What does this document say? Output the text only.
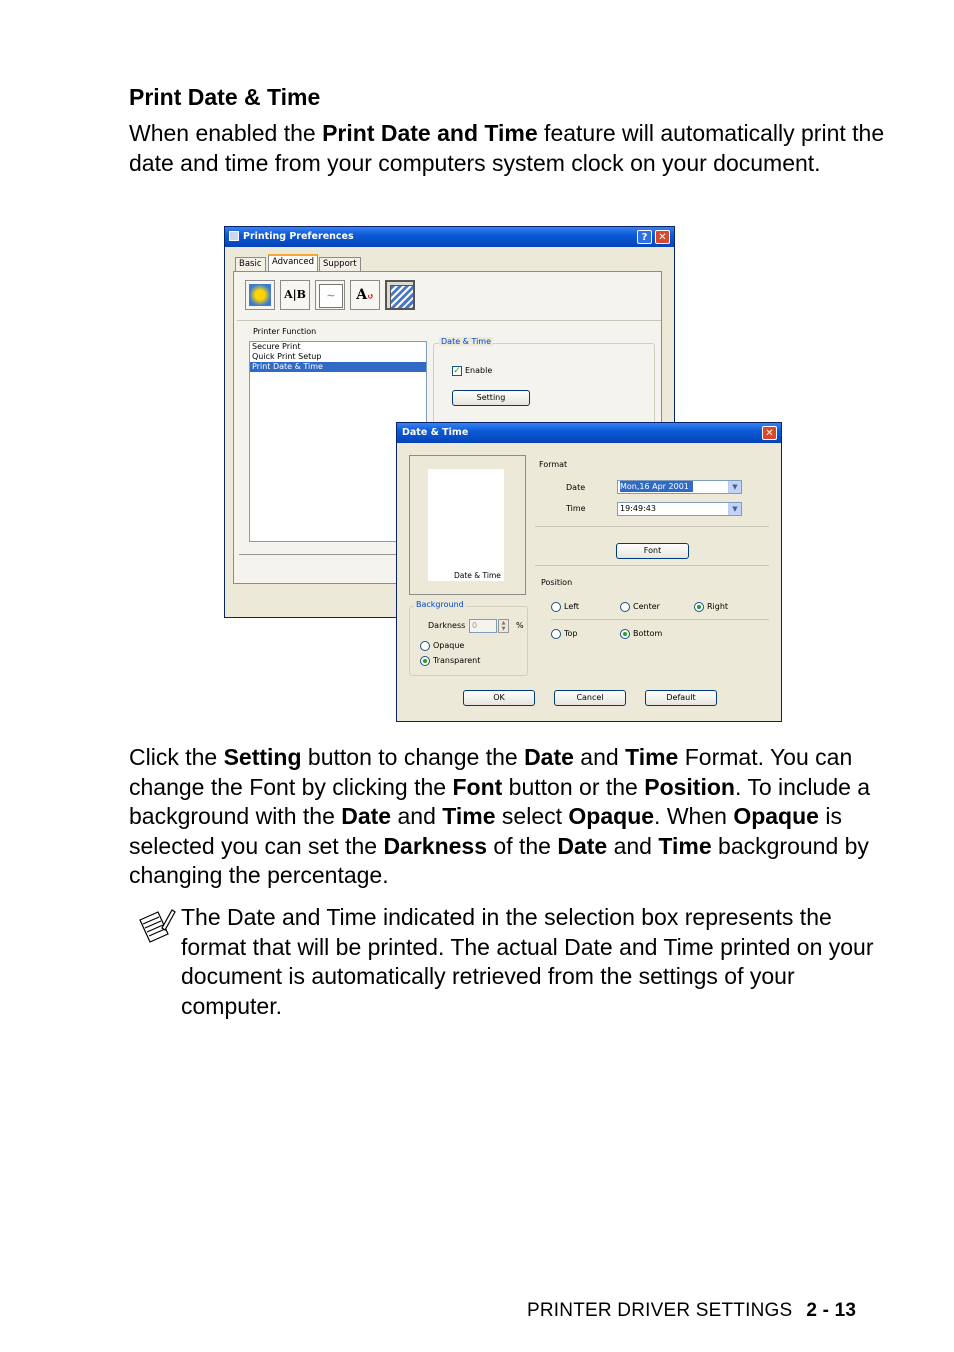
Print Date & Time
When enabled the Print Date and Time feature will automatically print the date and time from your computers system clock on your document.
Printing Preferences	?	✕
Basic	Advanced	Support
A|B	~	A↺
Printer Function
Secure Print
Quick Print Setup
Print Date & Time
Date & Time
✓ Enable
Setting
Date & Time	✕
Date & Time
Format
Date	Mon,16 Apr 2001	▼
Time	19:49:43	▼
Font
Position
Left	Center	Right
Top	Bottom
Background
Darkness 0	▲
▼	%
Opaque
Transparent
OK	Cancel	Default
Click the Setting button to change the Date and Time Format. You can change the Font by clicking the Font button or the Position. To include a background with the Date and Time select Opaque. When Opaque is selected you can set the Darkness of the Date and Time background by changing the percentage.
The Date and Time indicated in the selection box represents the format that will be printed. The actual Date and Time printed on your document is automatically retrieved from the settings of your computer.
PRINTER DRIVER SETTINGS 2 - 13
